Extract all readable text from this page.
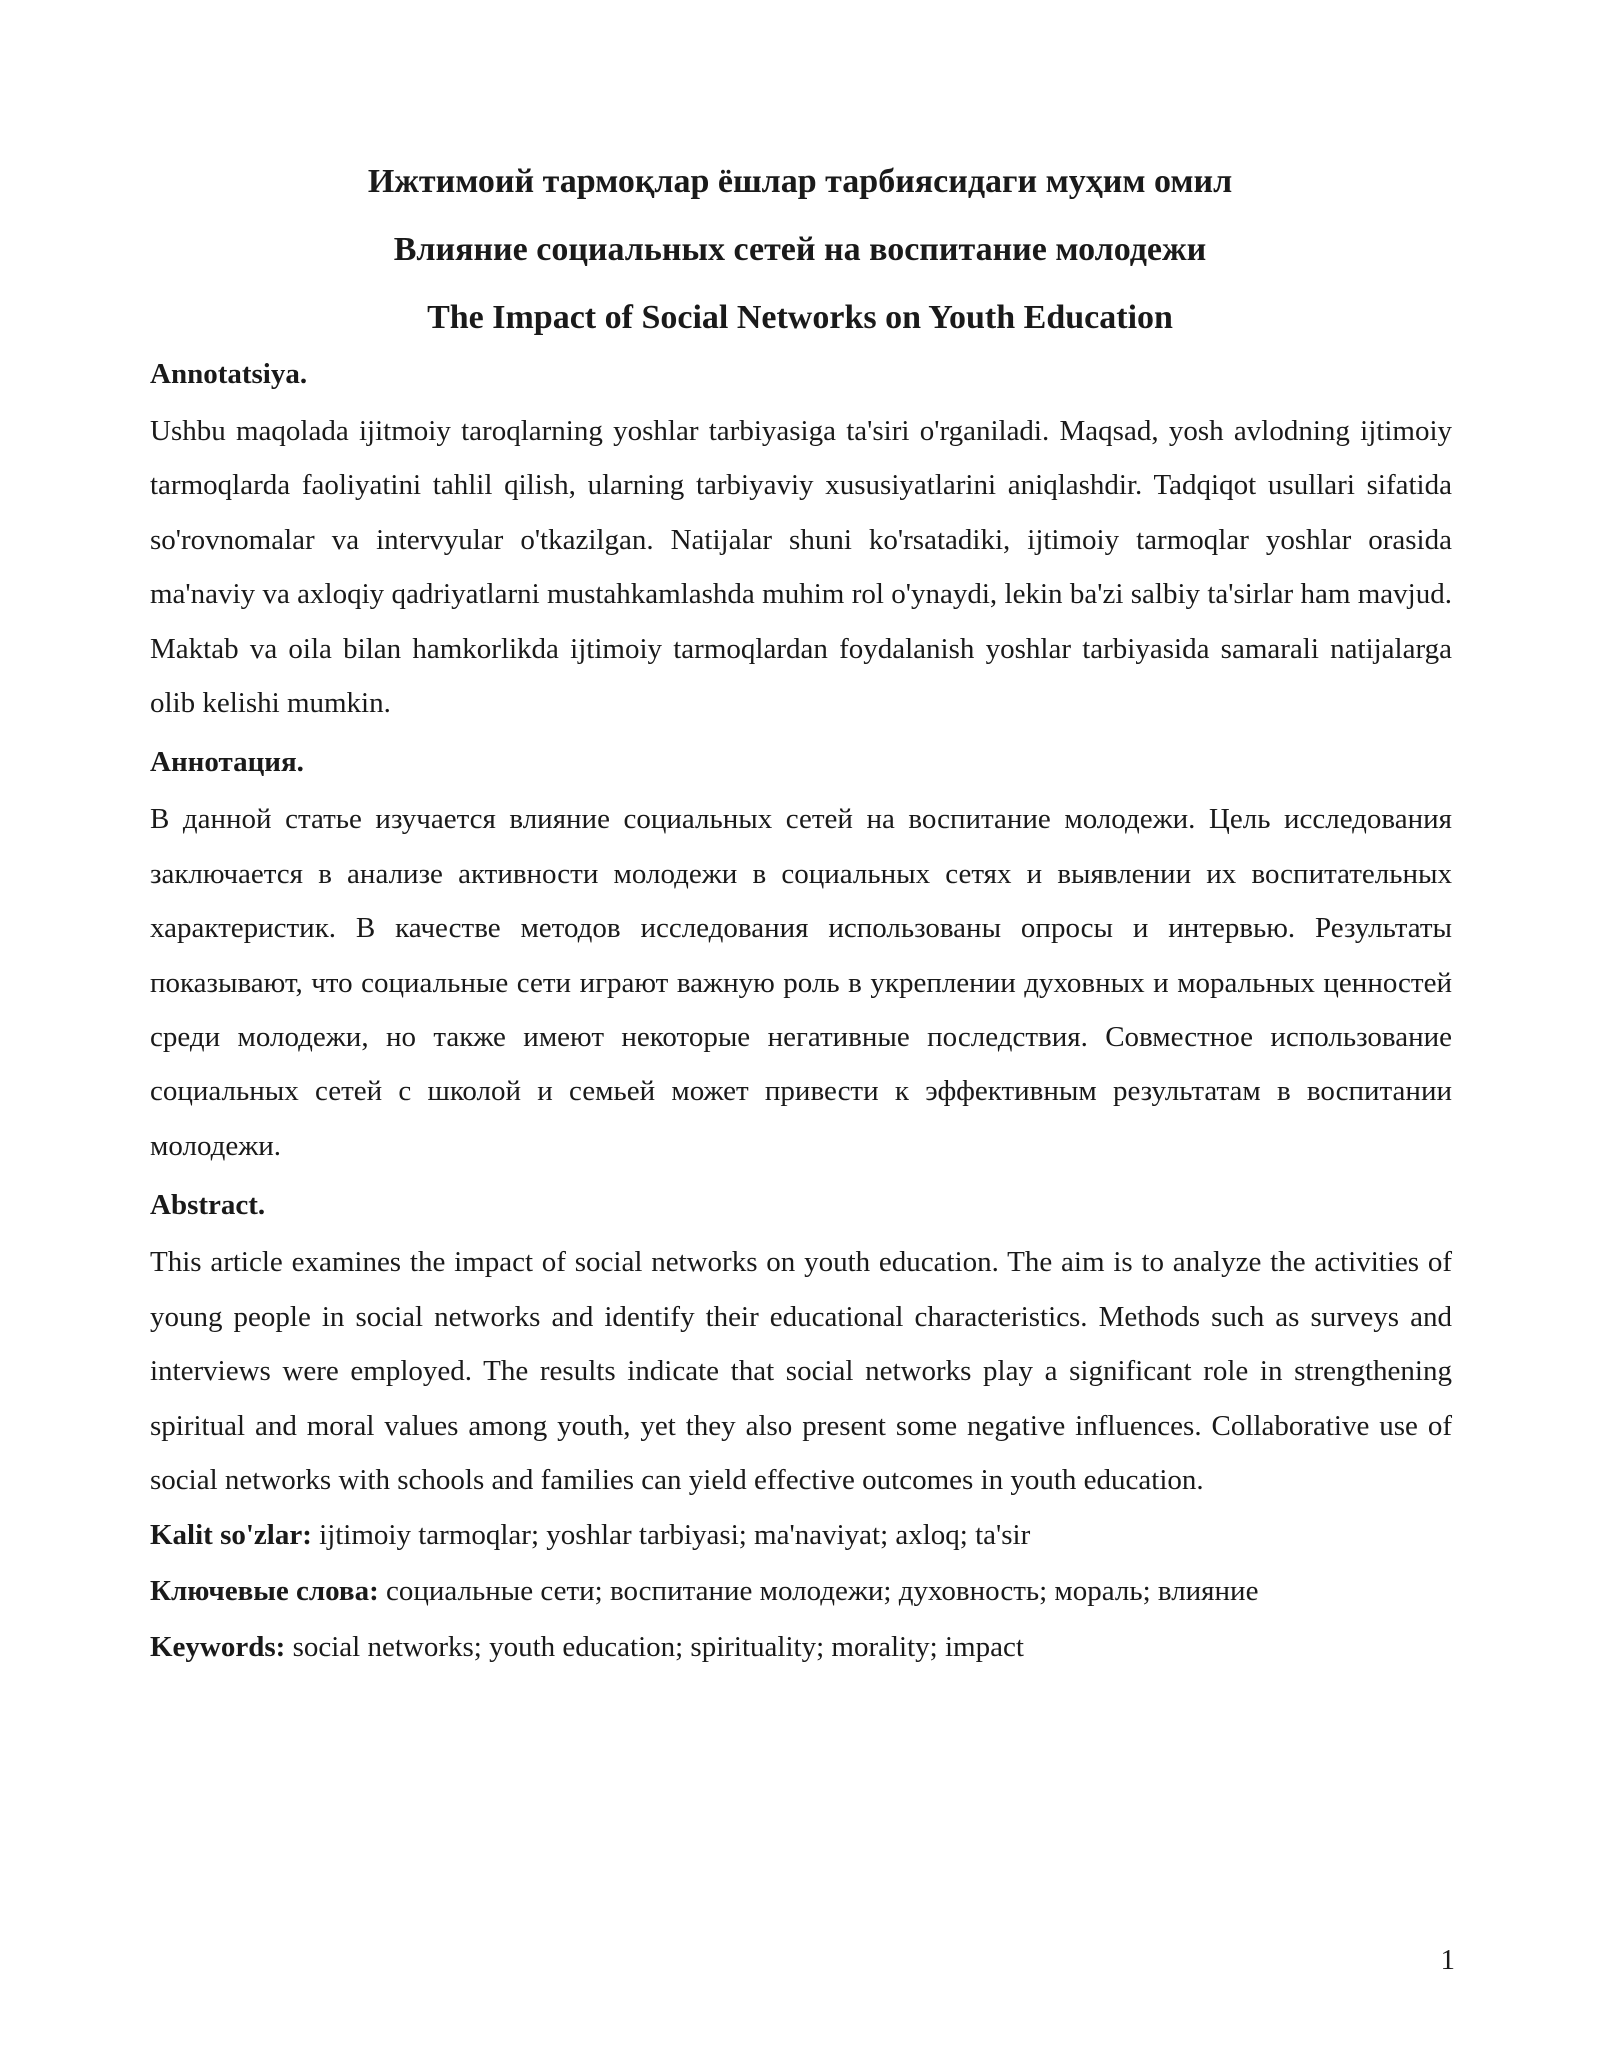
Ижтимоий тармоқлар ёшлар тарбиясидаги муҳим омил

Влияние социальных сетей на воспитание молодежи

The Impact of Social Networks on Youth Education

Annotatsiya.

Ushbu maqolada ijitmoiy taroqlarning yoshlar tarbiyasiga ta'siri o'rganiladi. Maqsad, yosh avlodning ijtimoiy tarmoqlarda faoliyatini tahlil qilish, ularning tarbiyaviy xususiyatlarini aniqlashdir. Tadqiqot usullari sifatida so'rovnomalar va intervyular o'tkazilgan. Natijalar shuni ko'rsatadiki, ijtimoiy tarmoqlar yoshlar orasida ma'naviy va axloqiy qadriyatlarni mustahkamlashda muhim rol o'ynaydi, lekin ba'zi salbiy ta'sirlar ham mavjud. Maktab va oila bilan hamkorlikda ijtimoiy tarmoqlardan foydalanish yoshlar tarbiyasida samarali natijalarga olib kelishi mumkin.

Аннотация.

В данной статье изучается влияние социальных сетей на воспитание молодежи. Цель исследования заключается в анализе активности молодежи в социальных сетях и выявлении их воспитательных характеристик. В качестве методов исследования использованы опросы и интервью. Результаты показывают, что социальные сети играют важную роль в укреплении духовных и моральных ценностей среди молодежи, но также имеют некоторые негативные последствия. Совместное использование социальных сетей с школой и семьей может привести к эффективным результатам в воспитании молодежи.

Abstract.

This article examines the impact of social networks on youth education. The aim is to analyze the activities of young people in social networks and identify their educational characteristics. Methods such as surveys and interviews were employed. The results indicate that social networks play a significant role in strengthening spiritual and moral values among youth, yet they also present some negative influences. Collaborative use of social networks with schools and families can yield effective outcomes in youth education.

Kalit so'zlar: ijtimoiy tarmoqlar; yoshlar tarbiyasi; ma'naviyat; axloq; ta'sir

Ключевые слова: социальные сети; воспитание молодежи; духовность; мораль; влияние

Keywords: social networks; youth education; spirituality; morality; impact

1
